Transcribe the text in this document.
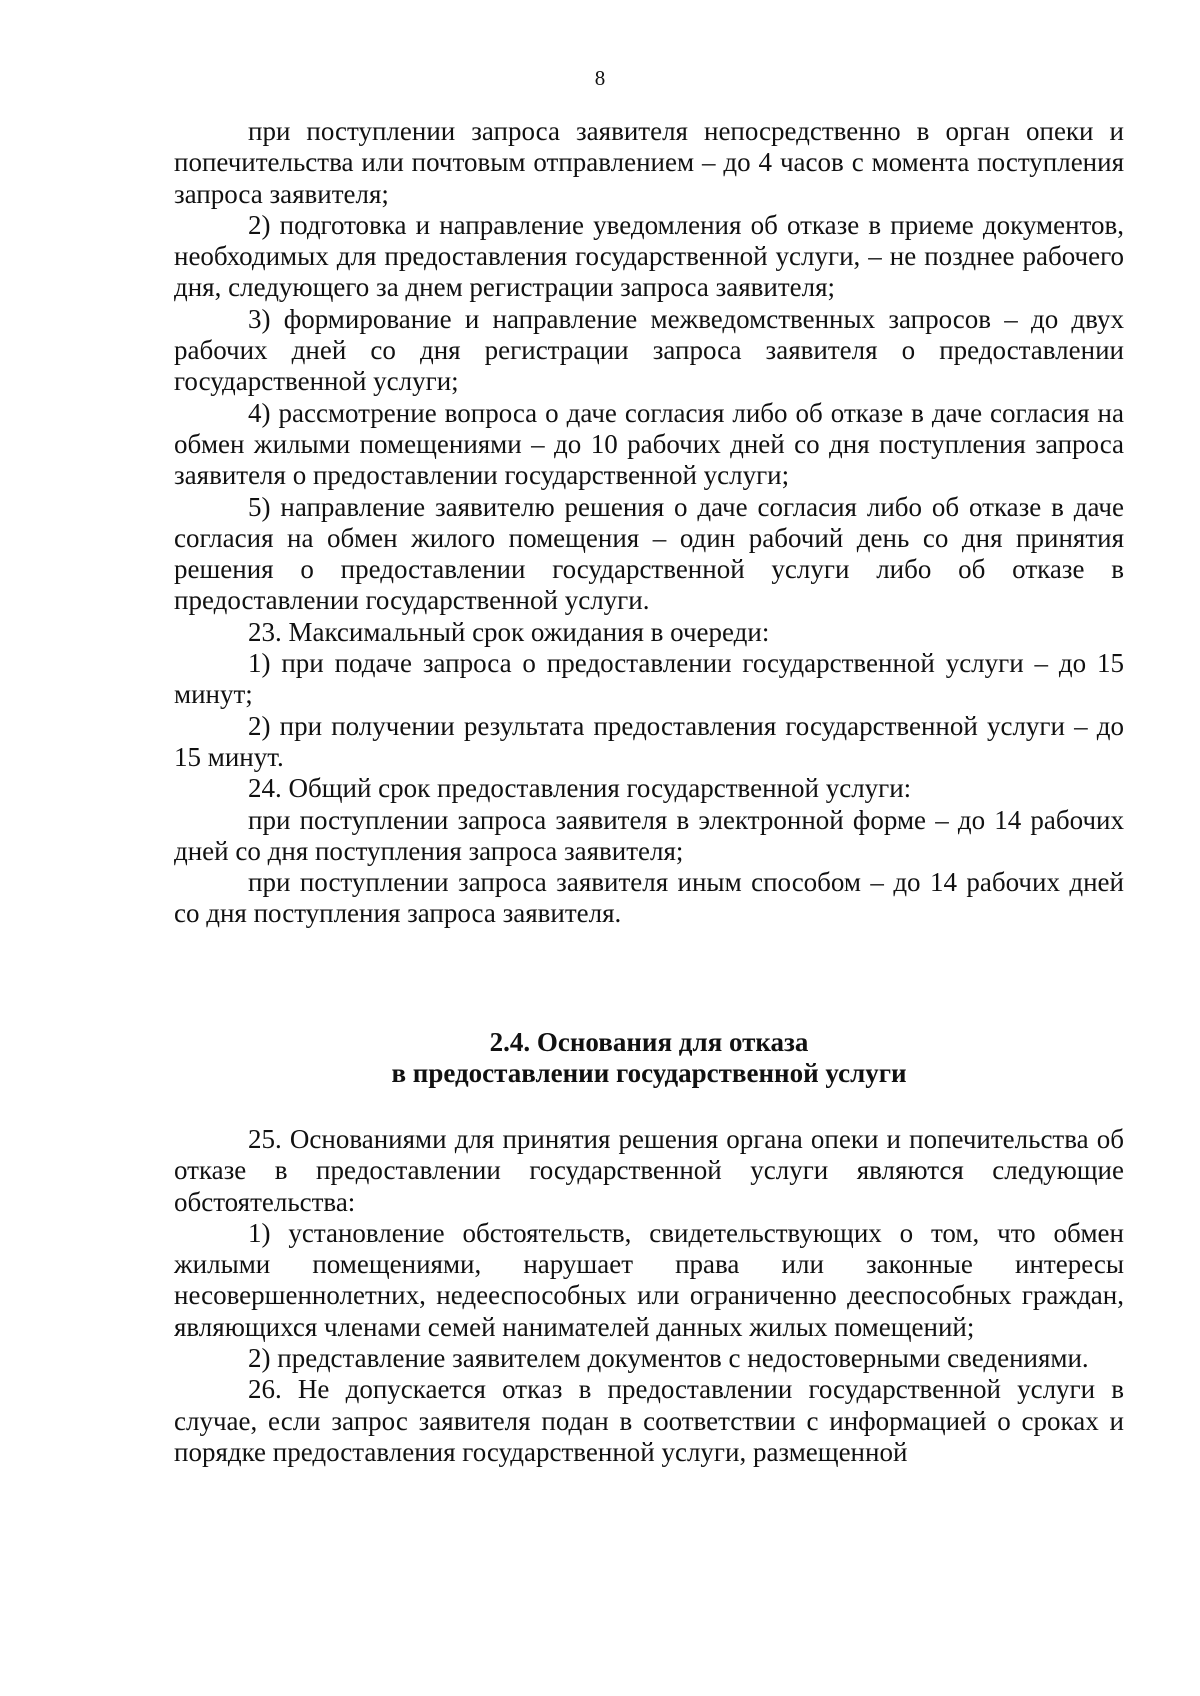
8

при поступлении запроса заявителя непосредственно в орган опеки и попечительства или почтовым отправлением – до 4 часов с момента поступления запроса заявителя;

2) подготовка и направление уведомления об отказе в приеме документов, необходимых для предоставления государственной услуги, – не позднее рабочего дня, следующего за днем регистрации запроса заявителя;

3) формирование и направление межведомственных запросов – до двух рабочих дней со дня регистрации запроса заявителя о предоставлении государственной услуги;

4) рассмотрение вопроса о даче согласия либо об отказе в даче согласия на обмен жилыми помещениями – до 10 рабочих дней со дня поступления запроса заявителя о предоставлении государственной услуги;

5) направление заявителю решения о даче согласия либо об отказе в даче согласия на обмен жилого помещения – один рабочий день со дня принятия решения о предоставлении государственной услуги либо об отказе в предоставлении государственной услуги.

23. Максимальный срок ожидания в очереди:

1) при подаче запроса о предоставлении государственной услуги – до 15 минут;

2) при получении результата предоставления государственной услуги – до 15 минут.

24. Общий срок предоставления государственной услуги:

при поступлении запроса заявителя в электронной форме – до 14 рабочих дней со дня поступления запроса заявителя;

при поступлении запроса заявителя иным способом – до 14 рабочих дней со дня поступления запроса заявителя.

2.4. Основания для отказа
в предоставлении государственной услуги

25. Основаниями для принятия решения органа опеки и попечительства об отказе в предоставлении государственной услуги являются следующие обстоятельства:

1) установление обстоятельств, свидетельствующих о том, что обмен жилыми помещениями, нарушает права или законные интересы несовершеннолетних, недееспособных или ограниченно дееспособных граждан, являющихся членами семей нанимателей данных жилых помещений;

2) представление заявителем документов с недостоверными сведениями.

26. Не допускается отказ в предоставлении государственной услуги в случае, если запрос заявителя подан в соответствии с информацией о сроках и порядке предоставления государственной услуги, размещенной
